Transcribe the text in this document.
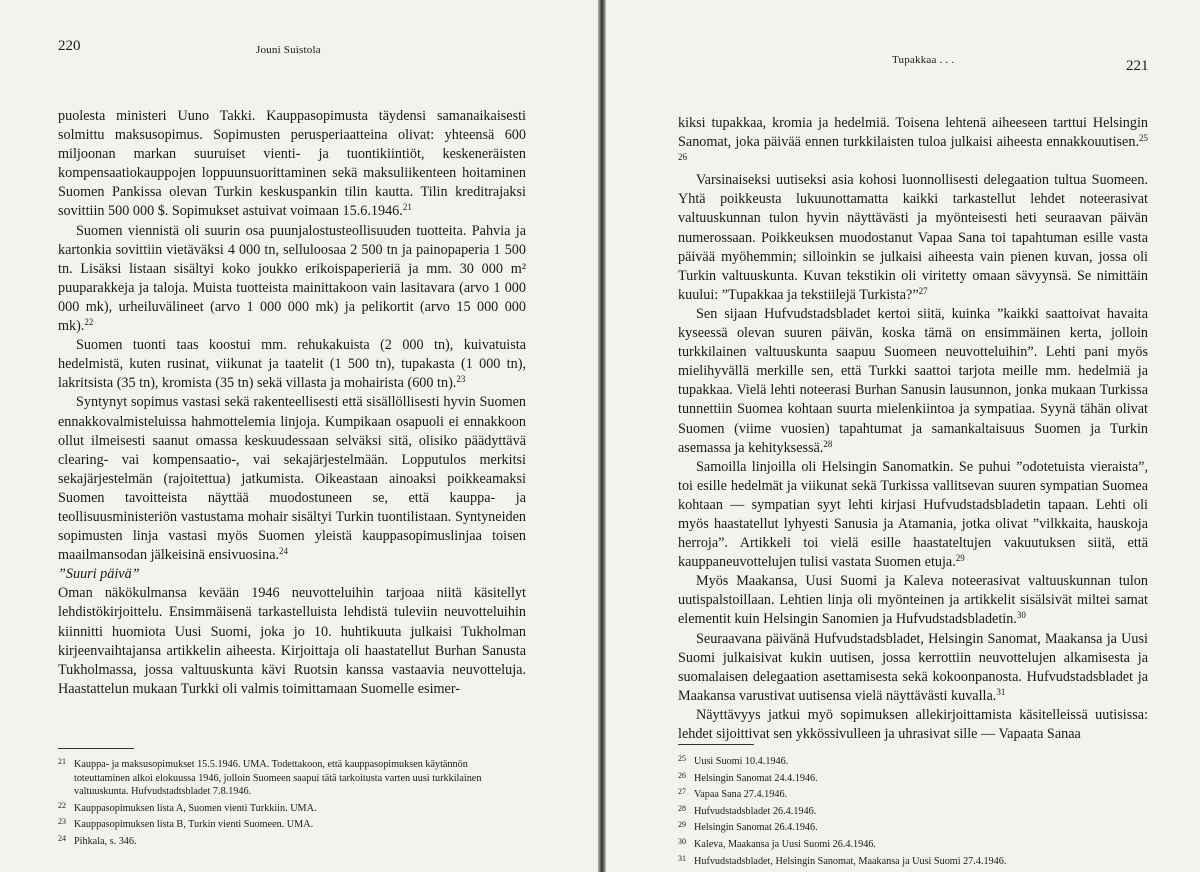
220	Jouni Suistola

puolesta ministeri Uuno Takki. Kauppasopimusta täydensi samanaikaisesti solmittu maksusopimus. Sopimusten perusperiaatteina olivat: yhteensä 600 miljoonan markan suuruiset vienti- ja tuontikiintiöt, keskeneräisten kompensaatiokauppojen loppuunsuorittaminen sekä maksuliikenteen hoitaminen Suomen Pankissa olevan Turkin keskuspankin tilin kautta. Tilin kreditrajaksi sovittiin 500 000 $. Sopimukset astuivat voimaan 15.6.1946.21

Suomen viennistä oli suurin osa puunjalostusteollisuuden tuotteita. Pahvia ja kartonkia sovittiin vietäväksi 4 000 tn, selluloosaa 2 500 tn ja painopaperia 1 500 tn. Lisäksi listaan sisältyi koko joukko erikoispaperieriä ja mm. 30 000 m² puuparakkeja ja taloja. Muista tuotteista mainittakoon vain lasitavara (arvo 1 000 000 mk), urheiluvälineet (arvo 1 000 000 mk) ja pelikortit (arvo 15 000 000 mk).$^{22}$

Suomen tuonti taas koostui mm. rehukakuista (2 000 tn), kuivatuista hedelmistä, kuten rusinat, viikunat ja taatelit (1 500 tn), tupakasta (1 000 tn), lakritsista (35 tn), kromista (35 tn) sekä villasta ja mohairista (600 tn).$^{23}$

Syntynyt sopimus vastasi sekä rakenteellisesti että sisällöllisesti hyvin Suomen ennakkovalmisteluissa hahmottelemia linjoja. Kumpikaan osapuoli ei ennakkoon ollut ilmeisesti saanut omassa keskuudessaan selväksi sitä, olisiko päädyttävä clearing- vai kompensaatio-, vai sekajärjestelmään. Lopputulos merkitsi sekajärjestelmän (rajoitettua) jatkumista. Oikeastaan ainoaksi poikkeamaksi Suomen tavoitteista näyttää muodostuneen se, että kauppa- ja teollisuusministeriön vastustama mohair sisältyi Turkin tuontilistaan. Syntyneiden sopimusten linja vastasi myös Suomen yleistä kauppasopimuslinjaa toisen maailmansodan jälkeisinä ensivuosina.$^{24}$

”Suuri päivä”

Oman näkökulmansa kevään 1946 neuvotteluihin tarjoaa niitä käsitellyt lehdistökirjoittelu. Ensimmäisenä tarkastelluista lehdistä tuleviin neuvotteluihin kiinnitti huomiota Uusi Suomi, joka jo 10. huhtikuuta julkaisi Tukholman kirjeenvaihtajansa artikkelin aiheesta. Kirjoittaja oli haastatellut Burhan Sanusta Tukholmassa, jossa valtuuskunta kävi Ruotsin kanssa vastaavia neuvotteluja. Haastattelun mukaan Turkki oli valmis toimittamaan Suomelle esimer-

21 Kauppa- ja maksusopimukset 15.5.1946. UMA. Todettakoon, että kauppasopimuksen käytännön toteuttaminen alkoi elokuussa 1946, jolloin Suomeen saapui tätä tarkoitusta varten uusi turkkilainen valtuuskunta. Hufvudstadtsbladet 7.8.1946.
22 Kauppasopimuksen lista A, Suomen vienti Turkkiin. UMA.
23 Kauppasopimuksen lista B, Turkin vienti Suomeen. UMA.
24 Pihkala, s. 346.
Tupakkaa . . .	221

kiksi tupakkaa, kromia ja hedelmiä. Toisena lehtenä aiheeseen tarttui Helsingin Sanomat, joka päivää ennen turkkilaisten tuloa julkaisi aiheesta ennakkouutisen.$^{25 26}$

Varsinaiseksi uutiseksi asia kohosi luonnollisesti delegaation tultua Suomeen. Yhtä poikkeusta lukuunottamatta kaikki tarkastellut lehdet noteerasivat valtuuskunnan tulon hyvin näyttävästi ja myönteisesti heti seuraavan päivän numerossaan. Poikkeuksen muodostanut Vapaa Sana toi tapahtuman esille vasta päivää myöhemmin; silloinkin se julkaisi aiheesta vain pienen kuvan, jossa oli Turkin valtuuskunta. Kuvan tekstikin oli viritetty omaan sävyynsä. Se nimittäin kuului: ”Tupakkaa ja tekstiilejä Turkista?”$^{27}$

Sen sijaan Hufvudstadsbladet kertoi siitä, kuinka ”kaikki saattoivat havaita kyseessä olevan suuren päivän, koska tämä on ensimmäinen kerta, jolloin turkkilainen valtuuskunta saapuu Suomeen neuvotteluihin”. Lehti pani myös mielihyvällä merkille sen, että Turkki saattoi tarjota meille mm. hedelmiä ja tupakkaa. Vielä lehti noteerasi Burhan Sanusin lausunnon, jonka mukaan Turkissa tunnettiin Suomea kohtaan suurta mielenkiintoa ja sympatiaa. Syynä tähän olivat Suomen (viime vuosien) tapahtumat ja samankaltaisuus Suomen ja Turkin asemassa ja kehityksessä.$^{28}$

Samoilla linjoilla oli Helsingin Sanomatkin. Se puhui ”odotetuista vieraista”, toi esille hedelmät ja viikunat sekä Turkissa vallitsevan suuren sympatian Suomea kohtaan — sympatian syyt lehti kirjasi Hufvudstadsbladetin tapaan. Lehti oli myös haastatellut lyhyesti Sanusia ja Atamania, jotka olivat ”vilkkaita, hauskoja herroja”. Artikkeli toi vielä esille haastateltujen vakuutuksen siitä, että kauppaneuvottelujen tulisi vastata Suomen etuja.$^{29}$

Myös Maakansa, Uusi Suomi ja Kaleva noteerasivat valtuuskunnan tulon uutispalstoillaan. Lehtien linja oli myönteinen ja artikkelit sisälsivät miltei samat elementit kuin Helsingin Sanomien ja Hufvudstadsbladetin.$^{30}$

Seuraavana päivänä Hufvudstadsbladet, Helsingin Sanomat, Maakansa ja Uusi Suomi julkaisivat kukin uutisen, jossa kerrottiin neuvottelujen alkamisesta ja suomalaisen delegaation asettamisesta sekä kokoonpanosta. Hufvudstadsbladet ja Maakansa varustivat uutisensa vielä näyttävästi kuvalla.$^{31}$

Näyttävyys jatkui myö sopimuksen allekirjoittamista käsitelleissä uutisissa: lehdet sijoittivat sen ykkössivulleen ja uhrasivat sille — Vapaata Sanaa

25 Uusi Suomi 10.4.1946.
26 Helsingin Sanomat 24.4.1946.
27 Vapaa Sana 27.4.1946.
28 Hufvudstadsbladet 26.4.1946.
29 Helsingin Sanomat 26.4.1946.
30 Kaleva, Maakansa ja Uusi Suomi 26.4.1946.
31 Hufvudstadsbladet, Helsingin Sanomat, Maakansa ja Uusi Suomi 27.4.1946.
